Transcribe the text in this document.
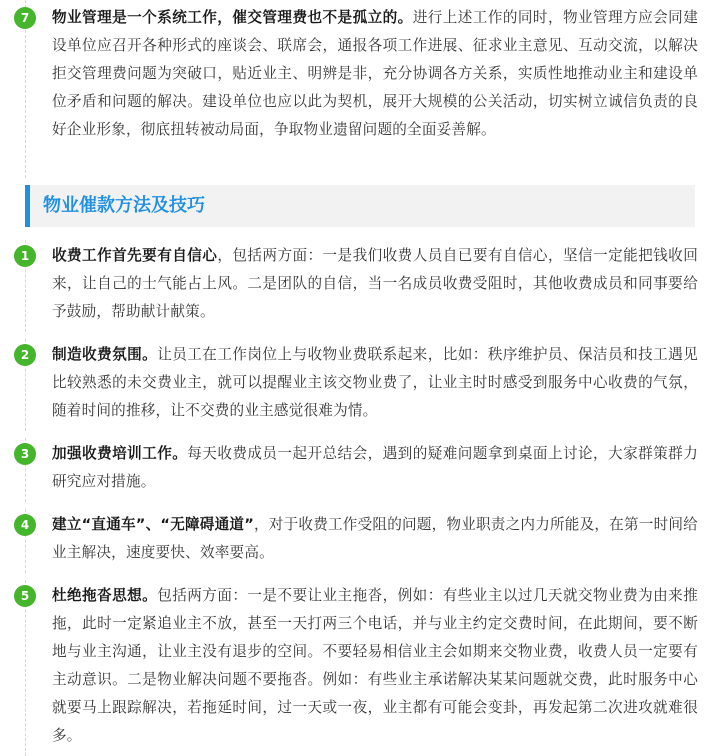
7	物业管理是一个系统工作，催交管理费也不是孤立的。进行上述工作的同时，物业管理方应会同建设单位应召开各种形式的座谈会、联席会，通报各项工作进展、征求业主意见、互动交流，以解决拒交管理费问题为突破口，贴近业主、明辨是非，充分协调各方关系，实质性地推动业主和建设单位矛盾和问题的解决。建设单位也应以此为契机，展开大规模的公关活动，切实树立诚信负责的良好企业形象，彻底扭转被动局面，争取物业遗留问题的全面妥善解。
物业催款方法及技巧
1	收费工作首先要有自信心，包括两方面：一是我们收费人员自已要有自信心，坚信一定能把钱收回来，让自己的士气能占上风。二是团队的自信，当一名成员收费受阻时，其他收费成员和同事要给予鼓励，帮助献计献策。
2	制造收费氛围。让员工在工作岗位上与收物业费联系起来，比如：秩序维护员、保洁员和技工遇见比较熟悉的未交费业主，就可以提醒业主该交物业费了，让业主时时感受到服务中心收费的气氛，随着时间的推移，让不交费的业主感觉很难为情。
3	加强收费培训工作。每天收费成员一起开总结会，遇到的疑难问题拿到桌面上讨论，大家群策群力研究应对措施。
4	建立“直通车”、“无障碍通道”，对于收费工作受阻的问题，物业职责之内力所能及，在第一时间给业主解决，速度要快、效率要高。
5	杜绝拖沓思想。包括两方面：一是不要让业主拖沓，例如：有些业主以过几天就交物业费为由来推拖，此时一定紧追业主不放，甚至一天打两三个电话，并与业主约定交费时间，在此期间，要不断地与业主沟通，让业主没有退步的空间。不要轻易相信业主会如期来交物业费，收费人员一定要有主动意识。二是物业解决问题不要拖沓。例如：有些业主承诺解决某某问题就交费，此时服务中心就要马上跟踪解决，若拖延时间，过一天或一夜，业主都有可能会变卦，再发起第二次进攻就难很多。
